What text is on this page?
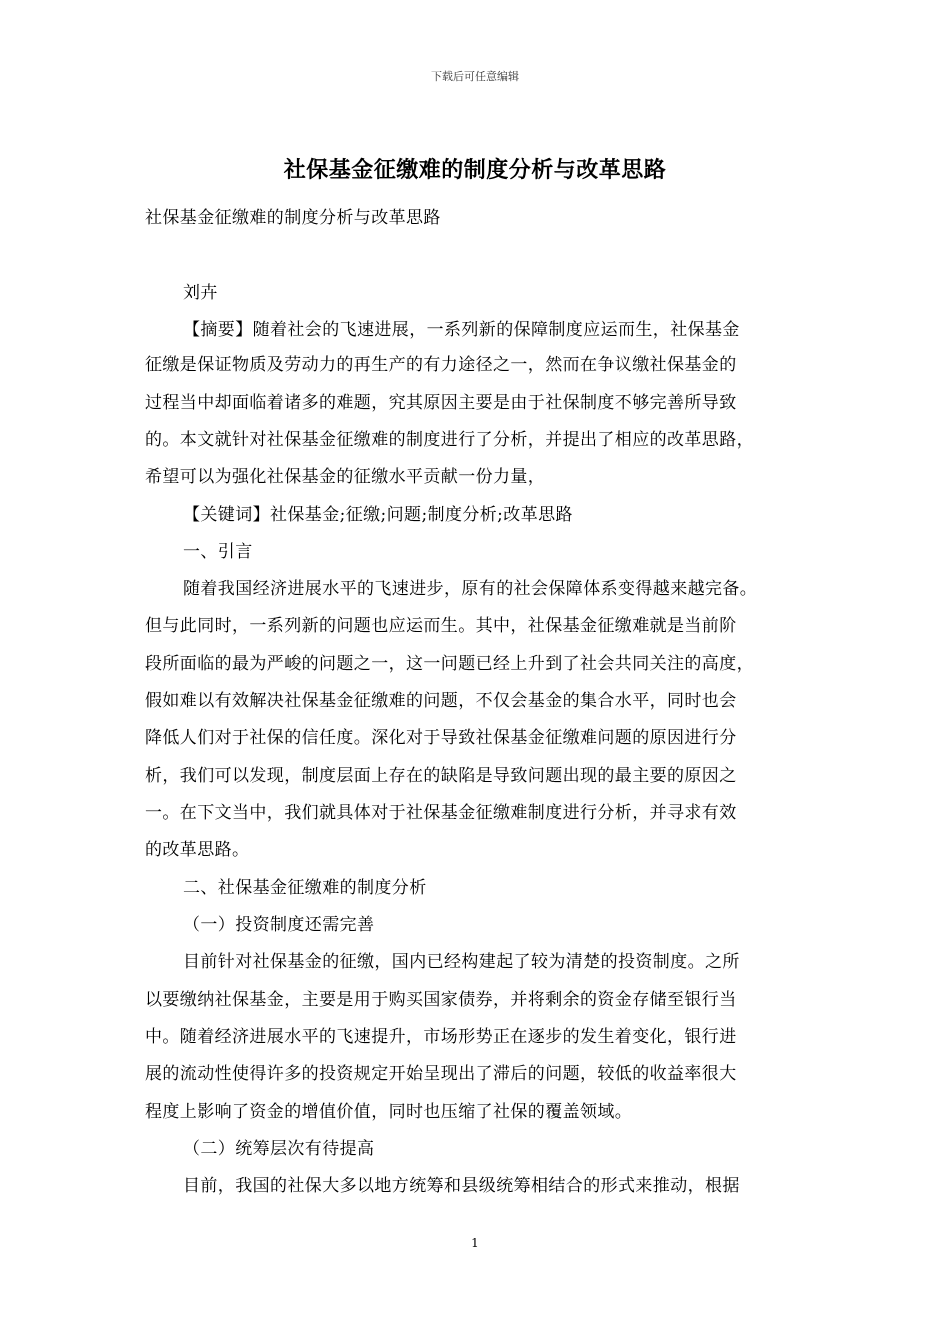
下载后可任意编辑
社保基金征缴难的制度分析与改革思路
社保基金征缴难的制度分析与改革思路
刘卉
【摘要】随着社会的飞速进展，一系列新的保障制度应运而生，社保基金
征缴是保证物质及劳动力的再生产的有力途径之一，然而在争议缴社保基金的
过程当中却面临着诸多的难题，究其原因主要是由于社保制度不够完善所导致
的。本文就针对社保基金征缴难的制度进行了分析，并提出了相应的改革思路，
希望可以为强化社保基金的征缴水平贡献一份力量，
【关键词】社保基金;征缴;问题;制度分析;改革思路
一、引言
随着我国经济进展水平的飞速进步，原有的社会保障体系变得越来越完备。
但与此同时，一系列新的问题也应运而生。其中，社保基金征缴难就是当前阶
段所面临的最为严峻的问题之一，这一问题已经上升到了社会共同关注的高度，
假如难以有效解决社保基金征缴难的问题，不仅会基金的集合水平，同时也会
降低人们对于社保的信任度。深化对于导致社保基金征缴难问题的原因进行分
析，我们可以发现，制度层面上存在的缺陷是导致问题出现的最主要的原因之
一。在下文当中，我们就具体对于社保基金征缴难制度进行分析，并寻求有效
的改革思路。
二、社保基金征缴难的制度分析
（一）投资制度还需完善
目前针对社保基金的征缴，国内已经构建起了较为清楚的投资制度。之所
以要缴纳社保基金，主要是用于购买国家债券，并将剩余的资金存储至银行当
中。随着经济进展水平的飞速提升，市场形势正在逐步的发生着变化，银行进
展的流动性使得许多的投资规定开始呈现出了滞后的问题，较低的收益率很大
程度上影响了资金的增值价值，同时也压缩了社保的覆盖领域。
（二）统筹层次有待提高
目前，我国的社保大多以地方统筹和县级统筹相结合的形式来推动，根据
1
